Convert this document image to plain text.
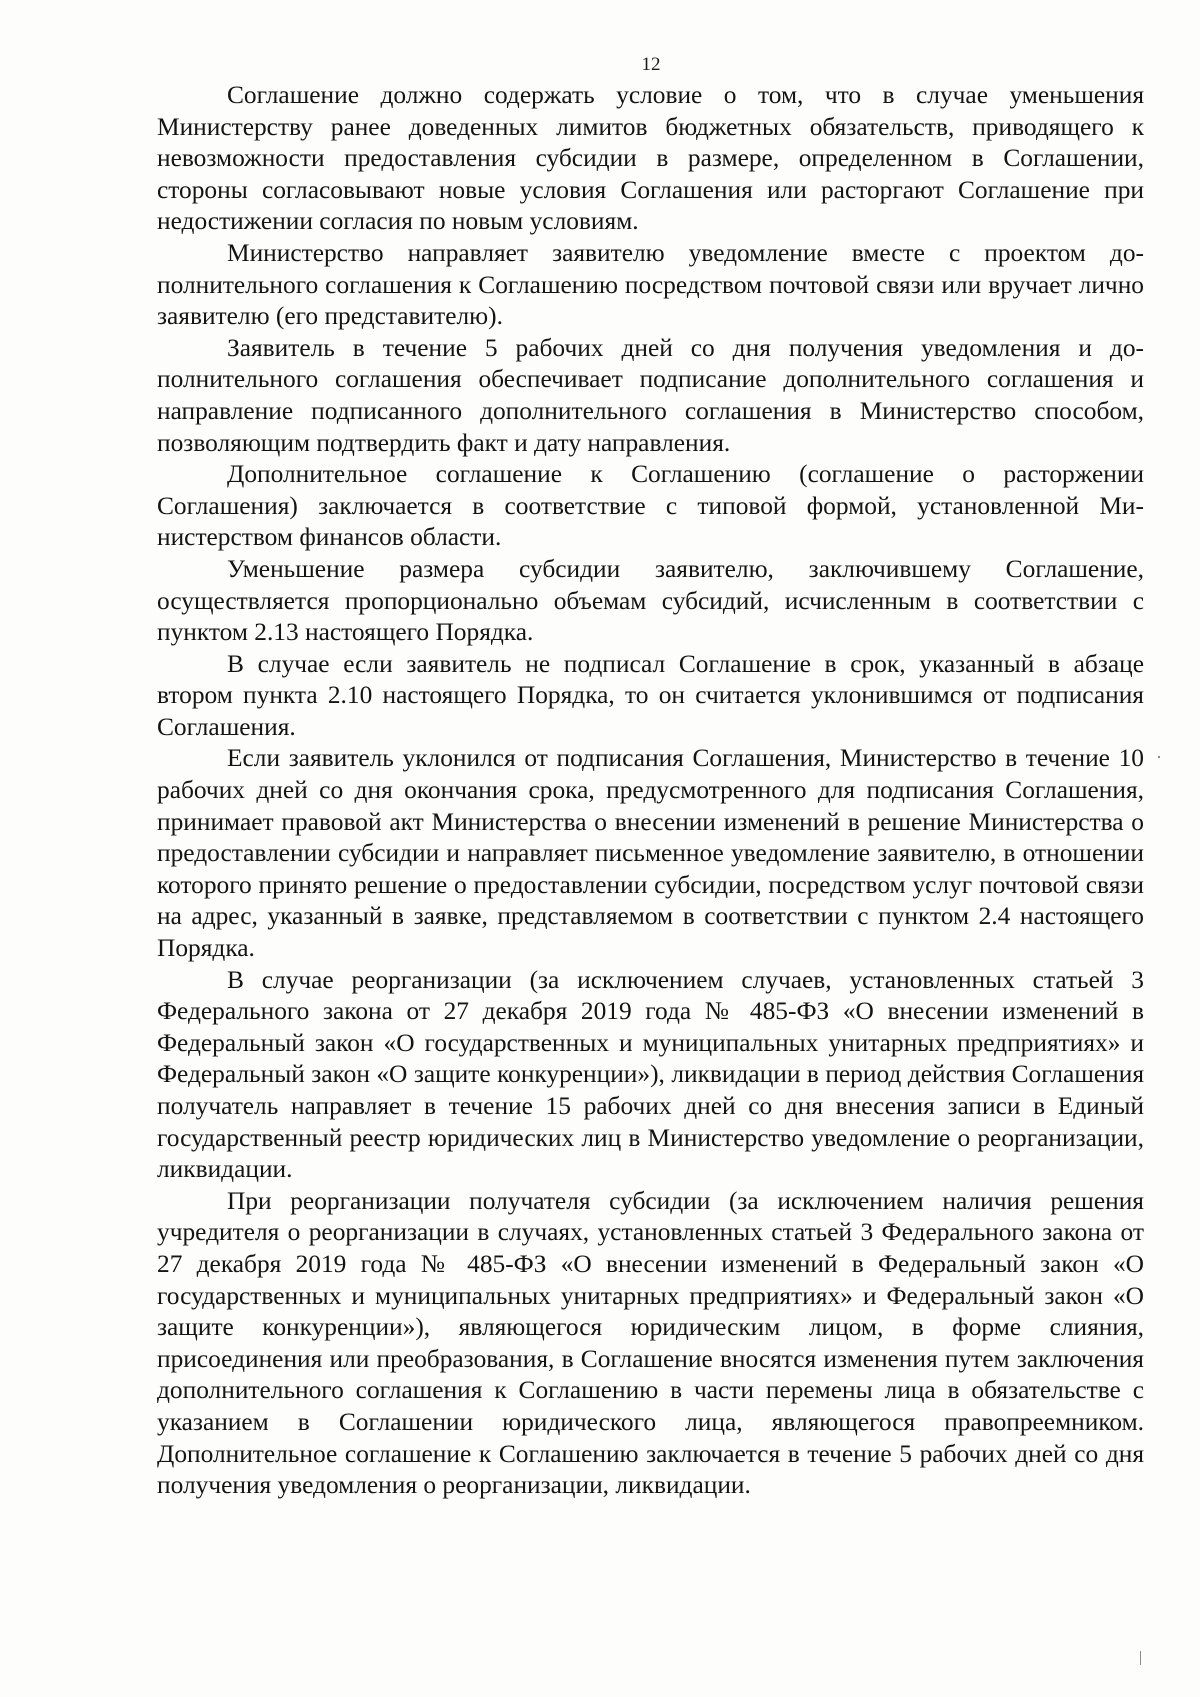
12

Соглашение должно содержать условие о том, что в случае уменьшения Министерству ранее доведенных лимитов бюджетных обязательств, приводящего к невозможности предоставления субсидии в размере, определенном в Соглашении, стороны согласовывают новые условия Соглашения или расторгают Соглашение при недостижении согласия по новым условиям.

Министерство направляет заявителю уведомление вместе с проектом дополнительного соглашения к Соглашению посредством почтовой связи или вручает лично заявителю (его представителю).

Заявитель в течение 5 рабочих дней со дня получения уведомления и дополнительного соглашения обеспечивает подписание дополнительного соглашения и направление подписанного дополнительного соглашения в Министерство способом, позволяющим подтвердить факт и дату направления.

Дополнительное соглашение к Соглашению (соглашение о расторжении Соглашения) заключается в соответствие с типовой формой, установленной Министерством финансов области.

Уменьшение размера субсидии заявителю, заключившему Соглашение, осуществляется пропорционально объемам субсидий, исчисленным в соответствии с пунктом 2.13 настоящего Порядка.

В случае если заявитель не подписал Соглашение в срок, указанный в абзаце втором пункта 2.10 настоящего Порядка, то он считается уклонившимся от подписания Соглашения.

Если заявитель уклонился от подписания Соглашения, Министерство в течение 10 рабочих дней со дня окончания срока, предусмотренного для подписания Соглашения, принимает правовой акт Министерства о внесении изменений в решение Министерства о предоставлении субсидии и направляет письменное уведомление заявителю, в отношении которого принято решение о предоставлении субсидии, посредством услуг почтовой связи на адрес, указанный в заявке, представляемом в соответствии с пунктом 2.4 настоящего Порядка.

В случае реорганизации (за исключением случаев, установленных статьей 3 Федерального закона от 27 декабря 2019 года № 485-ФЗ «О внесении изменений в Федеральный закон «О государственных и муниципальных унитарных предприятиях» и Федеральный закон «О защите конкуренции»), ликвидации в период действия Соглашения получатель направляет в течение 15 рабочих дней со дня внесения записи в Единый государственный реестр юридических лиц в Министерство уведомление о реорганизации, ликвидации.

При реорганизации получателя субсидии (за исключением наличия решения учредителя о реорганизации в случаях, установленных статьей 3 Федерального закона от 27 декабря 2019 года № 485-ФЗ «О внесении изменений в Федеральный закон «О государственных и муниципальных унитарных предприятиях» и Федеральный закон «О защите конкуренции»), являющегося юридическим лицом, в форме слияния, присоединения или преобразования, в Соглашение вносятся изменения путем заключения дополнительного соглашения к Соглашению в части перемены лица в обязательстве с указанием в Соглашении юридического лица, являющегося правопреемником. Дополнительное соглашение к Соглашению заключается в течение 5 рабочих дней со дня получения уведомления о реорганизации, ликвидации.
